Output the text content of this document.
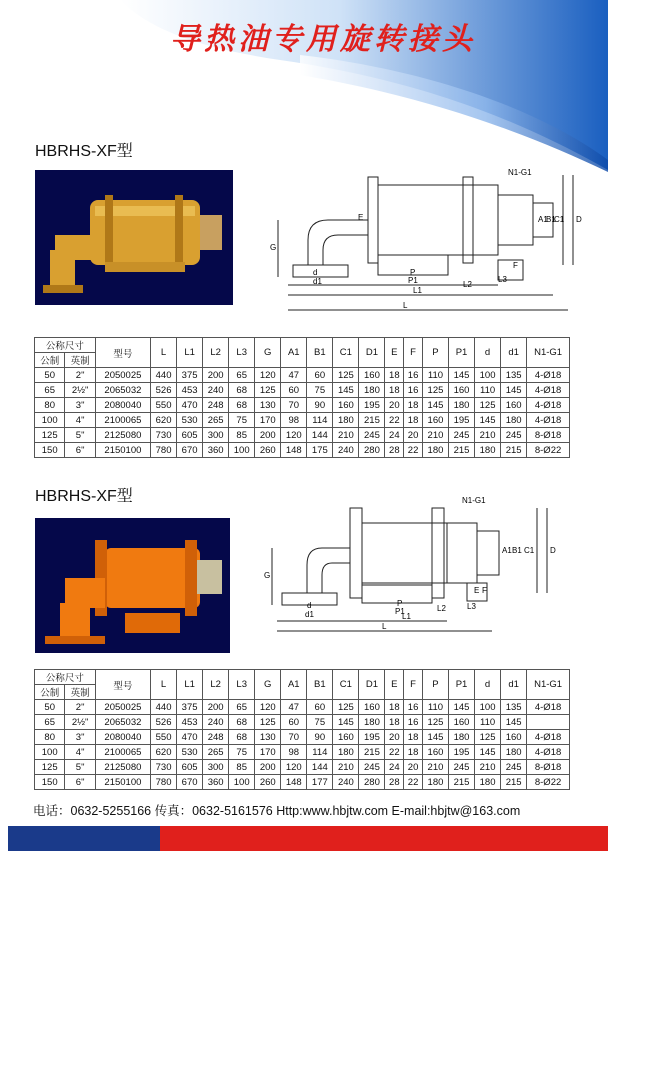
导热油专用旋转接头
HBRHS-XF型
N1-G1
G
d
d1
P
P1
L1
L2
L3
L
E
F
A1
B1
C1 D
公称尺寸		型号	L	L1	L2	L3	G	A1	B1	C1	D1	E	F	P	P1	d	d1	N1-G1
公制	英制																	
50	2"	2050025	440	375	200	65	120	47	60	125	160	18	16	110	145	100	135	4-Ø18
65	2½"	2065032	526	453	240	68	125	60	75	145	180	18	16	125	160	110	145	4-Ø18
80	3"	2080040	550	470	248	68	130	70	90	160	195	20	18	145	180	125	160	4-Ø18
100	4"	2100065	620	530	265	75	170	98	114	180	215	22	18	160	195	145	180	4-Ø18
125	5"	2125080	730	605	300	85	200	120	144	210	245	24	20	210	245	210	245	8-Ø18
150	6"	2150100	780	670	360	100	260	148	175	240	280	28	22	180	215	180	215	8-Ø22
HBRHS-XF型	N1-G1
G
d
d1
P
P1
L1
L2	L3
L
E F
A1 B1 C1 D
公称尺寸		型号	L	L1	L2	L3	G	A1	B1	C1	D1	E	F	P	P1	d	d1	N1-G1
公制	英制																	
50	2"	2050025	440	375	200	65	120	47	60	125	160	18	16	110	145	100	135	4-Ø18
65	2½"	2065032	526	453	240	68	125	60	75	145	180	18	16	125	160	110	145	
80	3"	2080040	550	470	248	68	130	70	90	160	195	20	18	145	180	125	160	4-Ø18
100	4"	2100065	620	530	265	75	170	98	114	180	215	22	18	160	195	145	180	4-Ø18
125	5"	2125080	730	605	300	85	200	120	144	210	245	24	20	210	245	210	245	8-Ø18
150	6"	2150100	780	670	360	100	260	148	177	240	280	28	22	180	215	180	215	8-Ø22
电话：0632-5255166 传真：0632-5161576 Http:www.hbjtw.com E-mail:hbjtw@163.com
